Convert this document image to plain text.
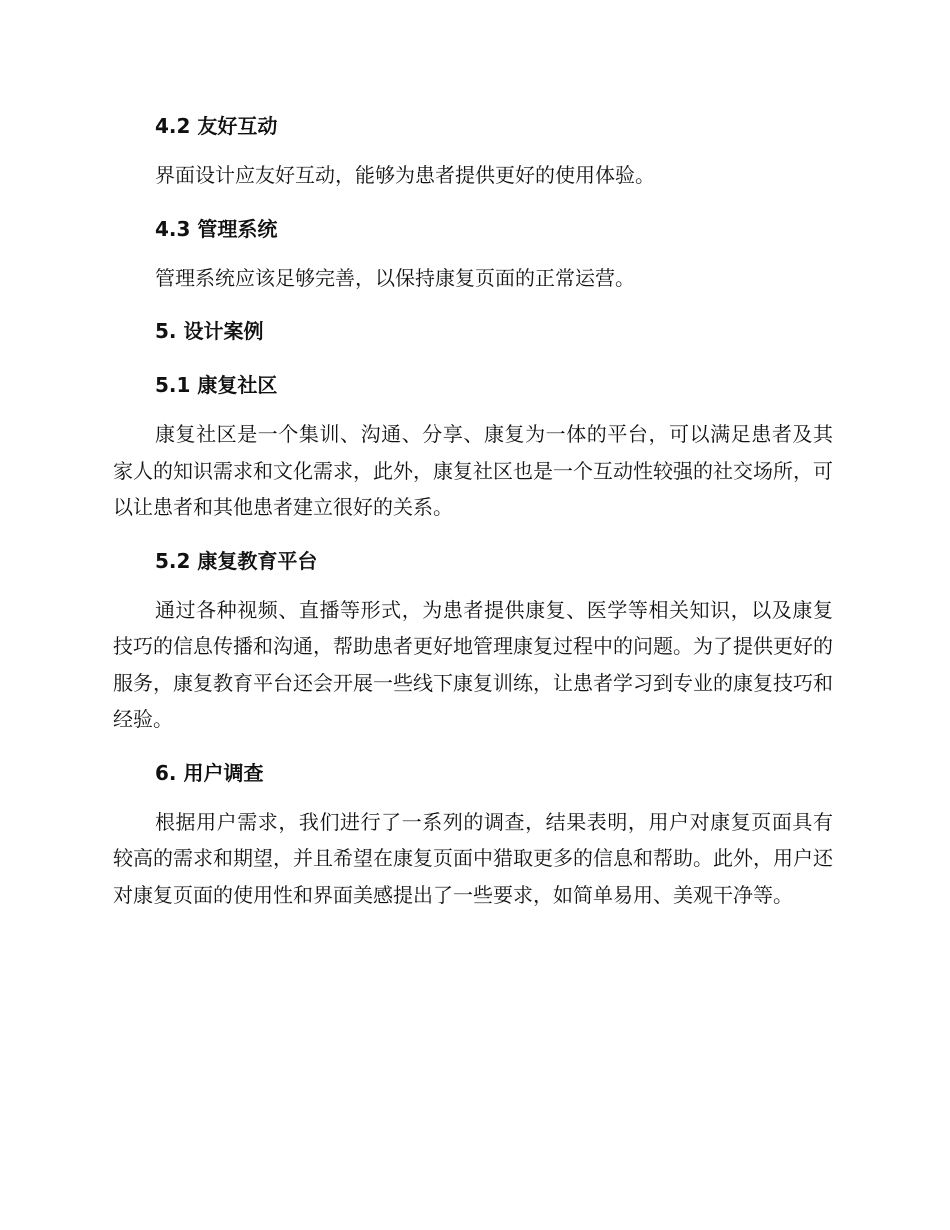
4.2 友好互动

界面设计应友好互动，能够为患者提供更好的使用体验。

4.3 管理系统

管理系统应该足够完善，以保持康复页面的正常运营。

5. 设计案例
5.1 康复社区

康复社区是一个集训、沟通、分享、康复为一体的平台，可以满足患者及其家人的知识需求和文化需求，此外，康复社区也是一个互动性较强的社交场所，可以让患者和其他患者建立很好的关系。

5.2 康复教育平台

通过各种视频、直播等形式，为患者提供康复、医学等相关知识，以及康复技巧的信息传播和沟通，帮助患者更好地管理康复过程中的问题。为了提供更好的服务，康复教育平台还会开展一些线下康复训练，让患者学习到专业的康复技巧和经验。

6. 用户调查

根据用户需求，我们进行了一系列的调查，结果表明，用户对康复页面具有较高的需求和期望，并且希望在康复页面中猎取更多的信息和帮助。此外，用户还对康复页面的使用性和界面美感提出了一些要求，如简单易用、美观干净等。
